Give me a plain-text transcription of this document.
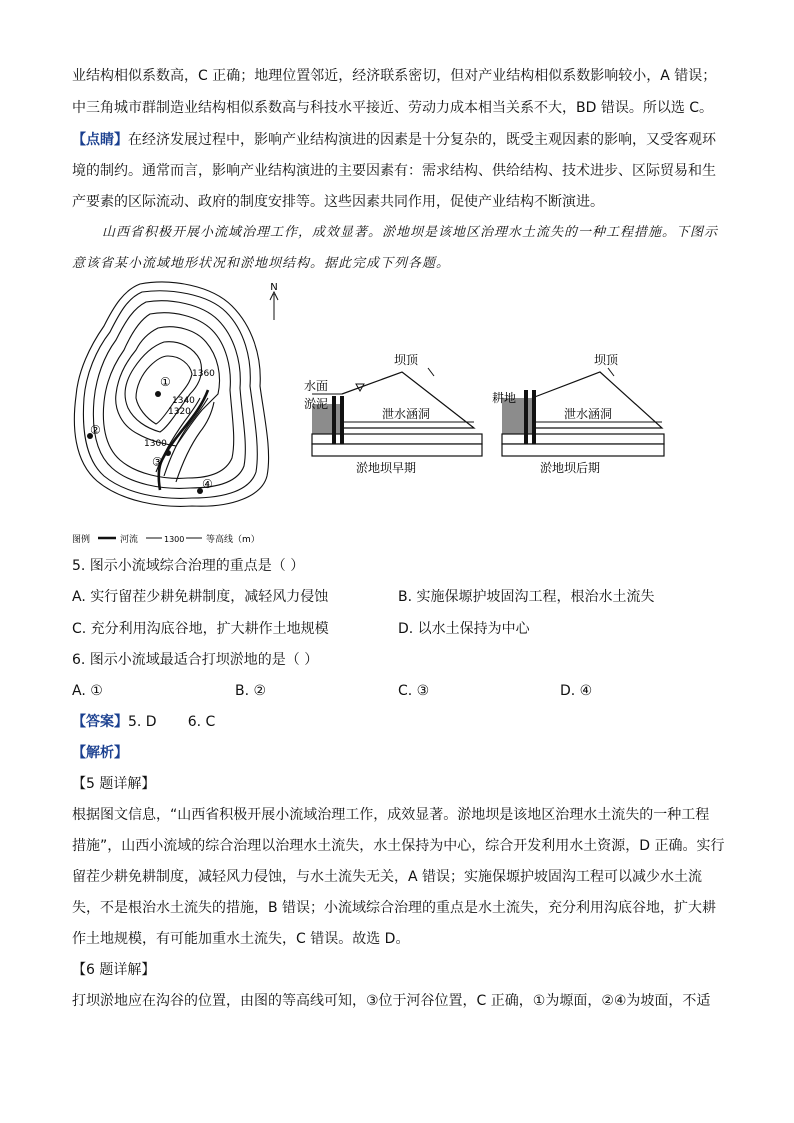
业结构相似系数高，C 正确；地理位置邻近，经济联系密切，但对产业结构相似系数影响较小，A 错误；
中三角城市群制造业结构相似系数高与科技水平接近、劳动力成本相当关系不大，BD 错误。所以选 C。
【点睛】在经济发展过程中，影响产业结构演进的因素是十分复杂的，既受主观因素的影响，又受客观环
境的制约。通常而言，影响产业结构演进的主要因素有：需求结构、供给结构、技术进步、区际贸易和生
产要素的区际流动、政府的制度安排等。这些因素共同作用，促使产业结构不断演进。
山西省积极开展小流域治理工作，成效显著。淤地坝是该地区治理水土流失的一种工程措施。下图示
意该省某小流域地形状况和淤地坝结构。据此完成下列各题。
N
1360
1340
1320
1300
①
②
③
④
图例	河流	1300 等高线（m）
坝顶
水面
淤泥
泄水涵洞
淤地坝早期
坝顶
耕地
泄水涵洞
淤地坝后期
5. 图示小流域综合治理的重点是（ ）
A. 实行留茬少耕免耕制度，减轻风力侵蚀	B. 实施保塬护坡固沟工程，根治水土流失
C. 充分利用沟底谷地，扩大耕作土地规模	D. 以水土保持为中心
6. 图示小流域最适合打坝淤地的是（ ）
A. ①	B. ②	C. ③	D. ④
【答案】5. D       6. C
【解析】
【5 题详解】
根据图文信息，“山西省积极开展小流域治理工作，成效显著。淤地坝是该地区治理水土流失的一种工程
措施”，山西小流域的综合治理以治理水土流失，水土保持为中心，综合开发利用水土资源，D 正确。实行
留茬少耕免耕制度，减轻风力侵蚀，与水土流失无关，A 错误；实施保塬护坡固沟工程可以减少水土流
失，不是根治水土流失的措施，B 错误；小流域综合治理的重点是水土流失，充分利用沟底谷地，扩大耕
作土地规模，有可能加重水土流失，C 错误。故选 D。
【6 题详解】
打坝淤地应在沟谷的位置，由图的等高线可知，③位于河谷位置，C 正确，①为塬面，②④为坡面，不适
